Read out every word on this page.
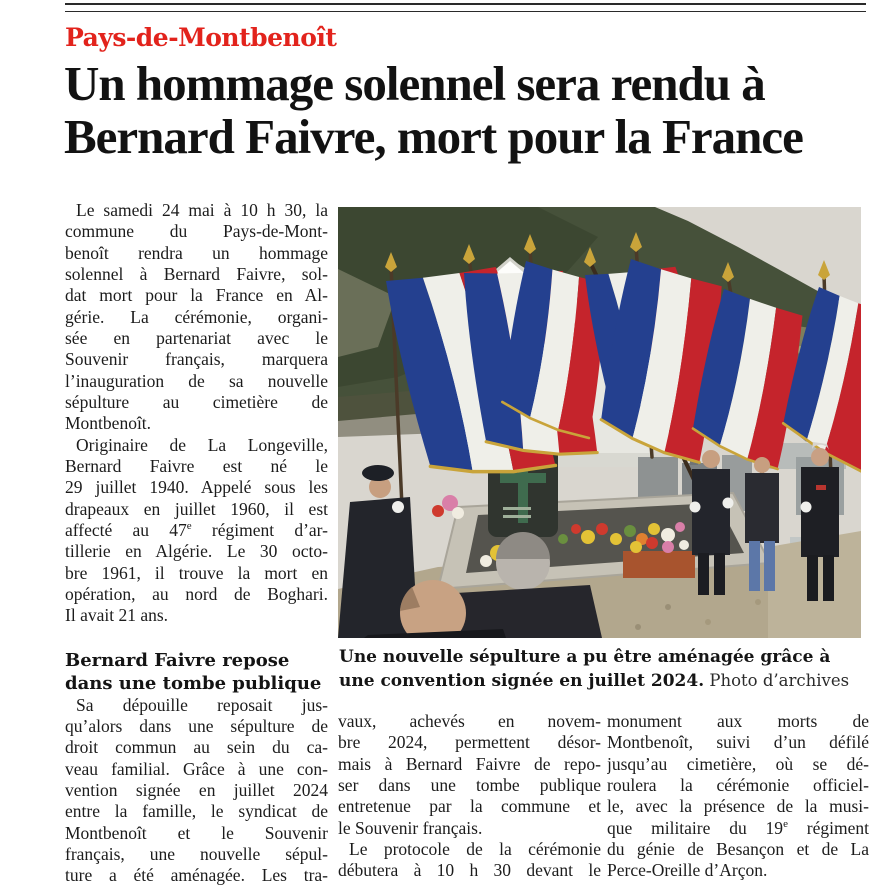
Pays-de-Montbenoît
Un hommage solennel sera rendu à
Bernard Faivre, mort pour la France
Le samedi 24 mai à 10 h 30, la
commune du Pays-de-Mont-
benoît rendra un hommage
solennel à Bernard Faivre, sol-
dat mort pour la France en Al-
gérie. La cérémonie, organi-
sée en partenariat avec le
Souvenir français, marquera
l’inauguration de sa nouvelle
sépulture au cimetière de
Montbenoît.
Originaire de La Longeville,
Bernard Faivre est né le
29 juillet 1940. Appelé sous les
drapeaux en juillet 1960, il est
affecté au 47e régiment d’ar-
tillerie en Algérie. Le 30 octo-
bre 1961, il trouve la mort en
opération, au nord de Boghari.
Il avait 21 ans.
Bernard Faivre repose
dans une tombe publique
Sa dépouille reposait jus-
qu’alors dans une sépulture de
droit commun au sein du ca-
veau familial. Grâce à une con-
vention signée en juillet 2024
entre la famille, le syndicat de
Montbenoît et le Souvenir
français, une nouvelle sépul-
ture a été aménagée. Les tra-
Une nouvelle sépulture a pu être aménagée grâce à une convention signée en juillet 2024. Photo d’archives
vaux, achevés en novem-
bre 2024, permettent désor-
mais à Bernard Faivre de repo-
ser dans une tombe publique
entretenue par la commune et
le Souvenir français.
Le protocole de la cérémonie
débutera à 10 h 30 devant le
monument aux morts de
Montbenoît, suivi d’un défilé
jusqu’au cimetière, où se dé-
roulera la cérémonie officiel-
le, avec la présence de la musi-
que militaire du 19e régiment
du génie de Besançon et de La
Perce-Oreille d’Arçon.
